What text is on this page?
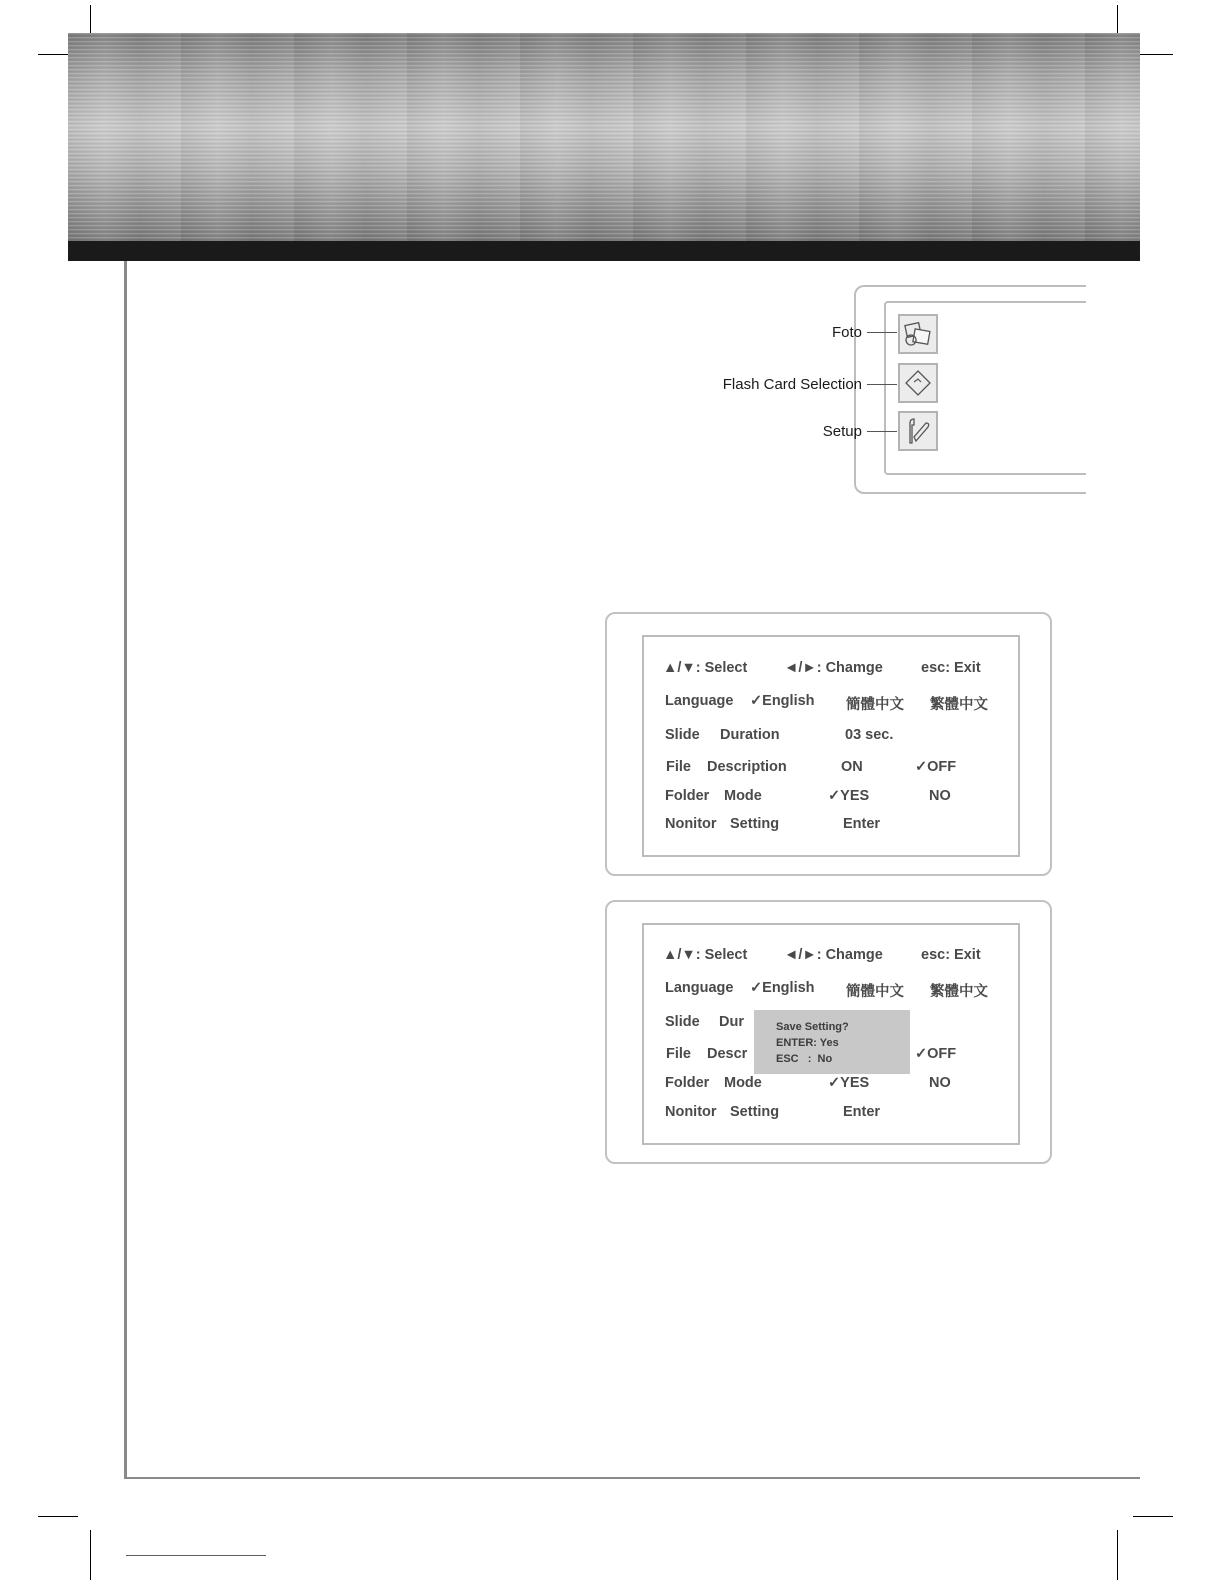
Foto
Flash Card Selection
Setup
▲/▼: Select	◄/►: Chamge	esc: Exit
Language ✓English 簡體中文 繁體中文
Slide Duration	03 sec.
File Description	ON	✓OFF
Folder Mode	✓YES	NO
Nonitor Setting	Enter
▲/▼: Select	◄/►: Chamge	esc: Exit
Language ✓English 簡體中文 繁體中文
Slide Dur
File Descr	✓OFF
Folder Mode	✓YES	NO
Nonitor Setting	Enter
Save Setting?
ENTER: Yes
ESC   :  No
